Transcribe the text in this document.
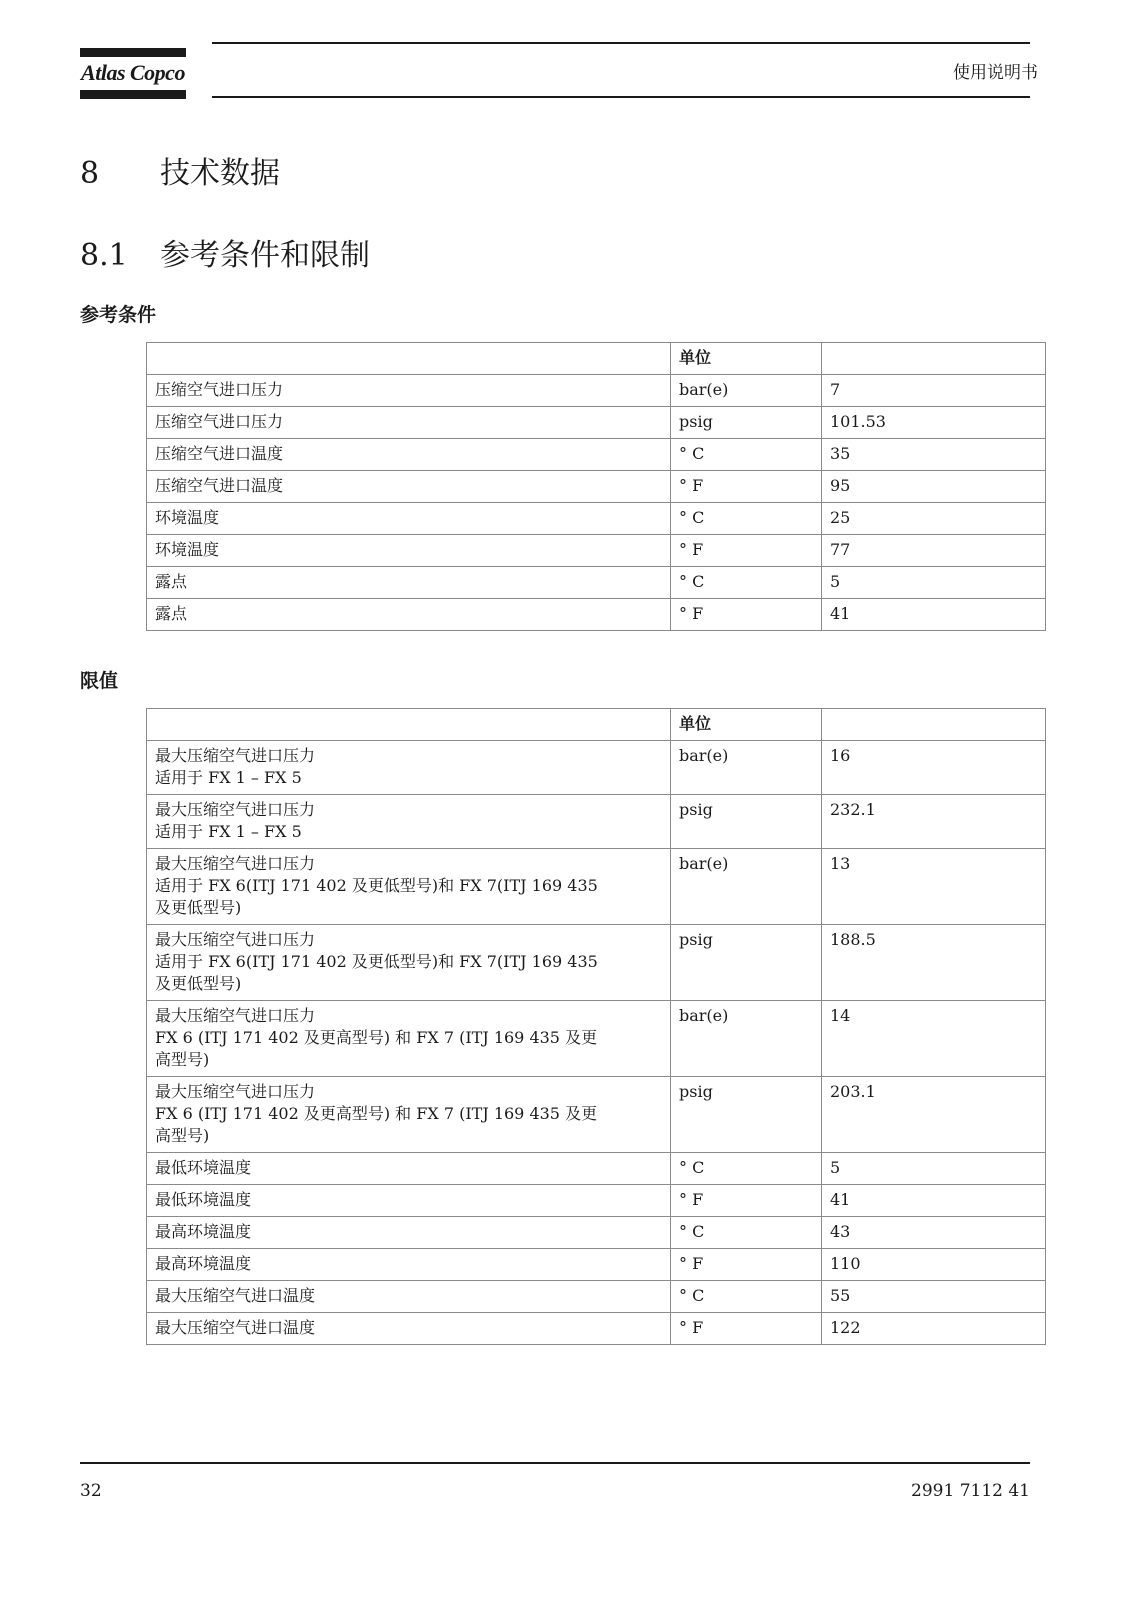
Atlas Copco	使用说明书
8 技术数据
8.1 参考条件和限制
参考条件
	单位	
压缩空气进口压力	bar(e)	7
压缩空气进口压力	psig	101.53
压缩空气进口温度	° C	35
压缩空气进口温度	° F	95
环境温度	° C	25
环境温度	° F	77
露点	° C	5
露点	° F	41
限值
	单位	

最大压缩空气进口压力
适用于 FX 1 – FX 5	bar(e)	16

最大压缩空气进口压力
适用于 FX 1 – FX 5	psig	232.1

最大压缩空气进口压力
适用于 FX 6(ITJ 171 402 及更低型号)和 FX 7(ITJ 169 435
及更低型号)	bar(e)	13

最大压缩空气进口压力
适用于 FX 6(ITJ 171 402 及更低型号)和 FX 7(ITJ 169 435
及更低型号)	psig	188.5

最大压缩空气进口压力
FX 6 (ITJ 171 402 及更高型号) 和 FX 7 (ITJ 169 435 及更
高型号)	bar(e)	14

最大压缩空气进口压力
FX 6 (ITJ 171 402 及更高型号) 和 FX 7 (ITJ 169 435 及更
高型号)	psig	203.1

最低环境温度	° C	5

最低环境温度	° F	41

最高环境温度	° C	43

最高环境温度	° F	110

最大压缩空气进口温度	° C	55

最大压缩空气进口温度	° F	122
32	2991 7112 41
